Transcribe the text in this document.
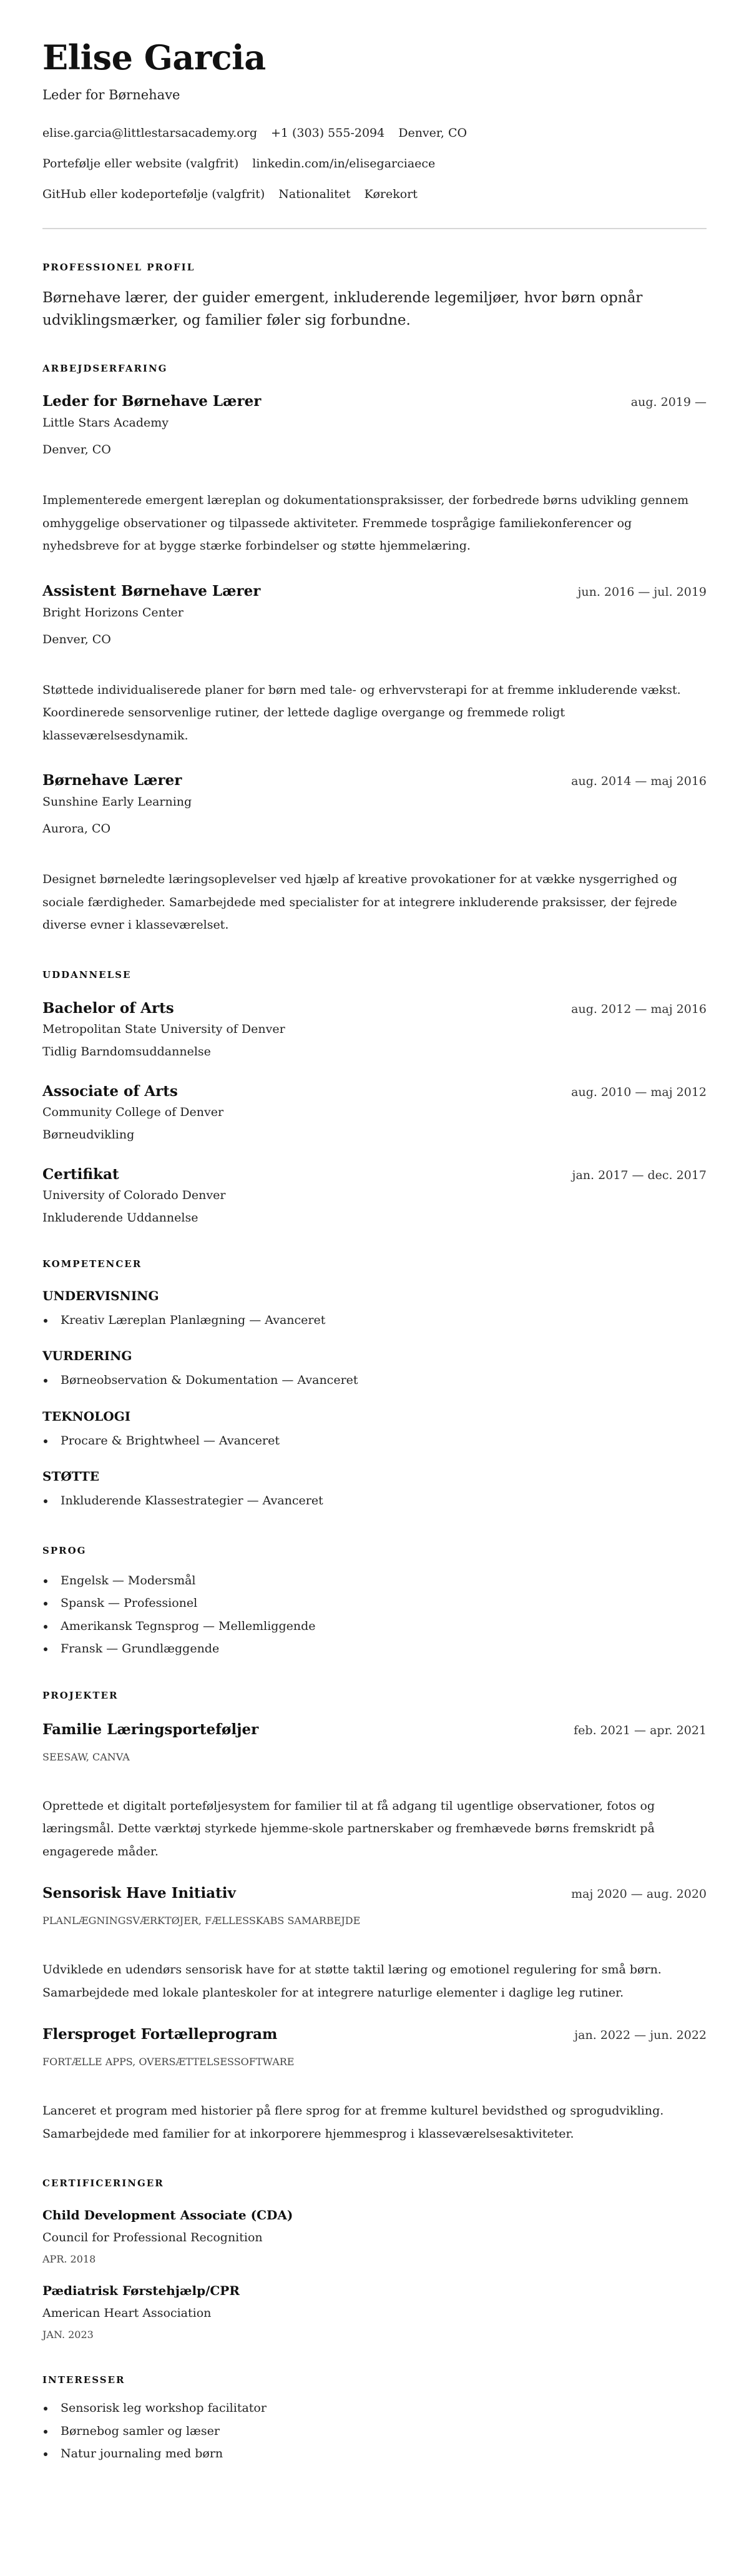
Elise Garcia
Leder for Børnehave
elise.garcia@littlestarsacademy.org +1 (303) 555-2094 Denver, CO
Portefølje eller website (valgfrit) linkedin.com/in/elisegarciaece
GitHub eller kodeportefølje (valgfrit) Nationalitet Kørekort
PROFESSIONEL PROFIL
Børnehave lærer, der guider emergent, inkluderende legemiljøer, hvor børn opnår udviklingsmærker, og familier føler sig forbundne.
ARBEJDSERFARING
Leder for Børnehave Lærer	aug. 2019 —
Little Stars Academy
Denver, CO
Implementerede emergent læreplan og dokumentationspraksisser, der forbedrede børns udvikling gennem omhyggelige observationer og tilpassede aktiviteter. Fremmede tosprågige familiekonferencer og nyhedsbreve for at bygge stærke forbindelser og støtte hjemmelæring.
Assistent Børnehave Lærer	jun. 2016 — jul. 2019
Bright Horizons Center
Denver, CO
Støttede individualiserede planer for børn med tale- og erhvervsterapi for at fremme inkluderende vækst. Koordinerede sensorvenlige rutiner, der lettede daglige overgange og fremmede roligt klasseværelsesdynamik.
Børnehave Lærer	aug. 2014 — maj 2016
Sunshine Early Learning
Aurora, CO
Designet børneledte læringsoplevelser ved hjælp af kreative provokationer for at vække nysgerrighed og sociale færdigheder. Samarbejdede med specialister for at integrere inkluderende praksisser, der fejrede diverse evner i klasseværelset.
UDDANNELSE
Bachelor of Arts	aug. 2012 — maj 2016
Metropolitan State University of Denver
Tidlig Barndomsuddannelse
Associate of Arts	aug. 2010 — maj 2012
Community College of Denver
Børneudvikling
Certifikat	jan. 2017 — dec. 2017
University of Colorado Denver
Inkluderende Uddannelse
KOMPETENCER
UNDERVISNING
Kreativ Læreplan Planlægning — Avanceret
VURDERING
Børneobservation & Dokumentation — Avanceret
TEKNOLOGI
Procare & Brightwheel — Avanceret
STØTTE
Inkluderende Klassestrategier — Avanceret
SPROG
Engelsk — Modersmål
Spansk — Professionel
Amerikansk Tegnsprog — Mellemliggende
Fransk — Grundlæggende
PROJEKTER
Familie Læringsporteføljer	feb. 2021 — apr. 2021
SEESAW, CANVA
Oprettede et digitalt porteføljesystem for familier til at få adgang til ugentlige observationer, fotos og læringsmål. Dette værktøj styrkede hjemme-skole partnerskaber og fremhævede børns fremskridt på engagerede måder.
Sensorisk Have Initiativ	maj 2020 — aug. 2020
PLANLÆGNINGSVÆRKTØJER, FÆLLESSKABS SAMARBEJDE
Udviklede en udendørs sensorisk have for at støtte taktil læring og emotionel regulering for små børn. Samarbejdede med lokale planteskoler for at integrere naturlige elementer i daglige leg rutiner.
Flersproget Fortælleprogram	jan. 2022 — jun. 2022
FORTÆLLE APPS, OVERSÆTTELSESSOFTWARE
Lanceret et program med historier på flere sprog for at fremme kulturel bevidsthed og sprogudvikling. Samarbejdede med familier for at inkorporere hjemmesprog i klasseværelsesaktiviteter.
CERTIFICERINGER
Child Development Associate (CDA)
Council for Professional Recognition
APR. 2018
Pædiatrisk Førstehjælp/CPR
American Heart Association
JAN. 2023
INTERESSER
Sensorisk leg workshop facilitator
Børnebog samler og læser
Natur journaling med børn
